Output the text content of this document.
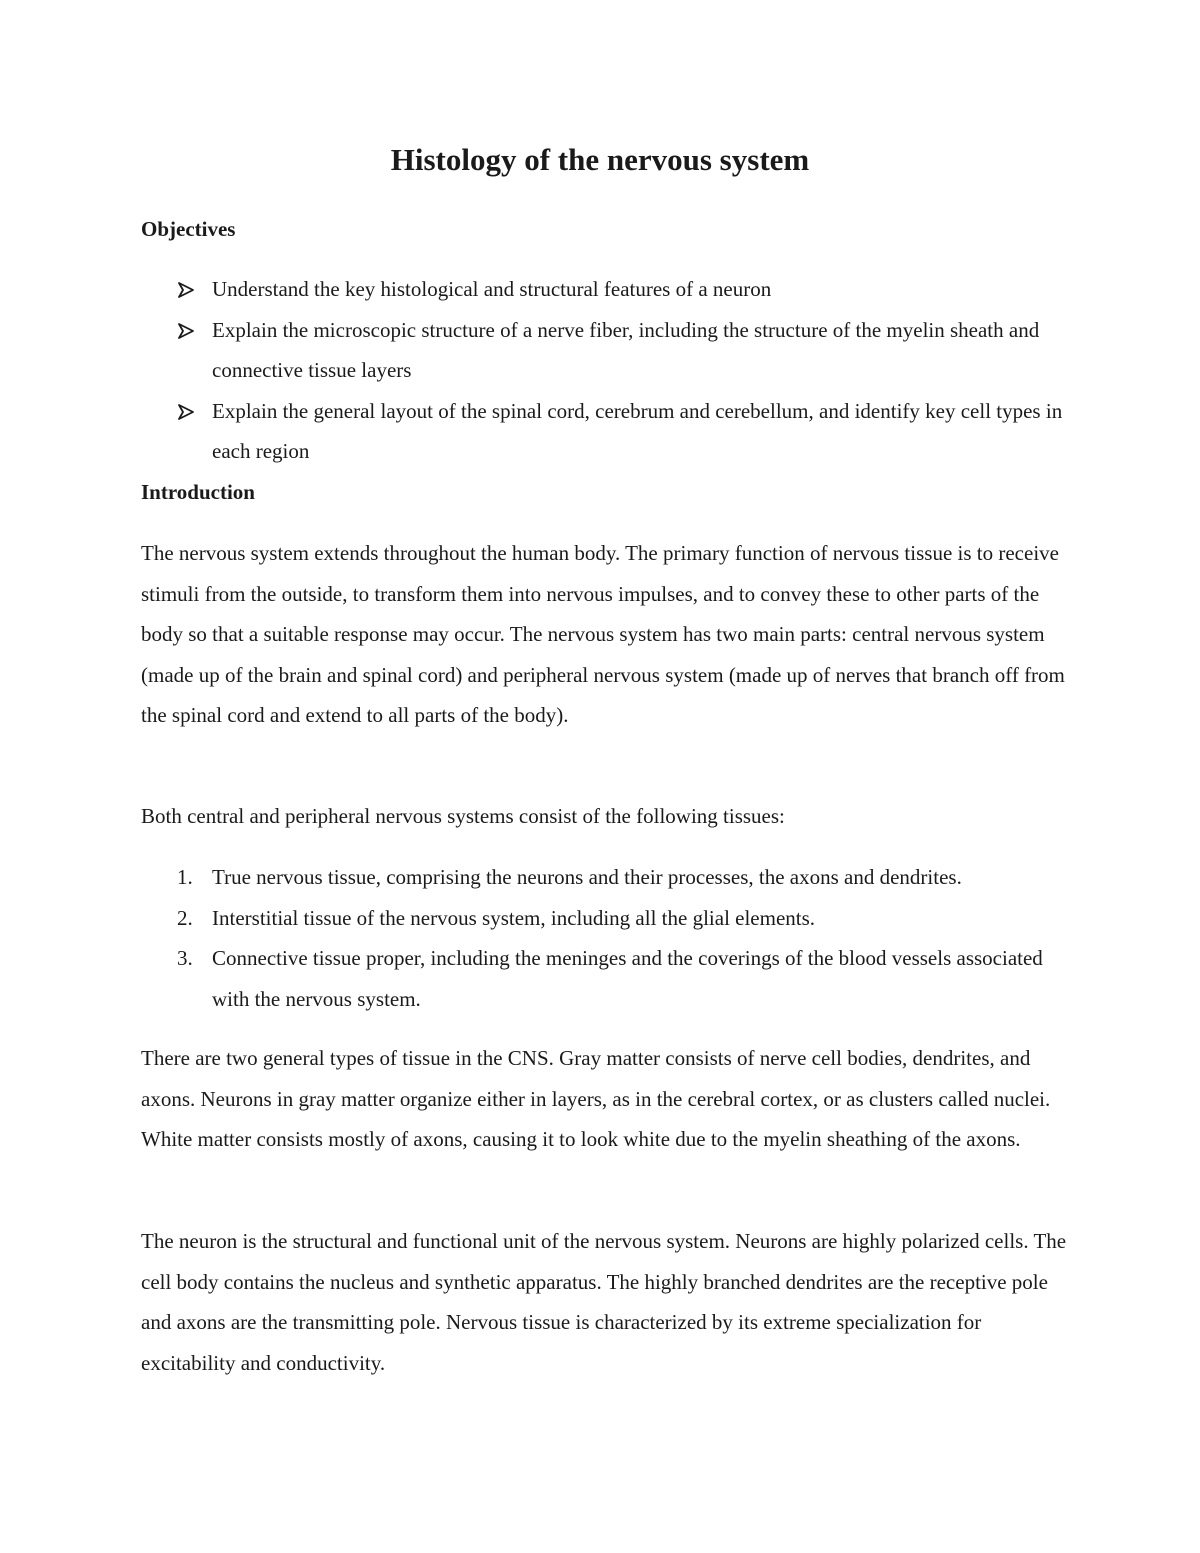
Histology of the nervous system
Objectives
Understand the key histological and structural features of a neuron
Explain the microscopic structure of a nerve fiber, including the structure of the myelin sheath and connective tissue layers
Explain the general layout of the spinal cord, cerebrum and cerebellum, and identify key cell types in each region
Introduction

The nervous system extends throughout the human body. The primary function of nervous tissue is to receive stimuli from the outside, to transform them into nervous impulses, and to convey these to other parts of the body so that a suitable response may occur. The nervous system has two main parts: central nervous system (made up of the brain and spinal cord) and peripheral nervous system (made up of nerves that branch off from the spinal cord and extend to all parts of the body).

Both central and peripheral nervous systems consist of the following tissues:

1. True nervous tissue, comprising the neurons and their processes, the axons and dendrites.
2. Interstitial tissue of the nervous system, including all the glial elements.
3. Connective tissue proper, including the meninges and the coverings of the blood vessels associated with the nervous system.

There are two general types of tissue in the CNS. Gray matter consists of nerve cell bodies, dendrites, and axons. Neurons in gray matter organize either in layers, as in the cerebral cortex, or as clusters called nuclei. White matter consists mostly of axons, causing it to look white due to the myelin sheathing of the axons.

The neuron is the structural and functional unit of the nervous system. Neurons are highly polarized cells. The cell body contains the nucleus and synthetic apparatus. The highly branched dendrites are the receptive pole and axons are the transmitting pole. Nervous tissue is characterized by its extreme specialization for excitability and conductivity.
